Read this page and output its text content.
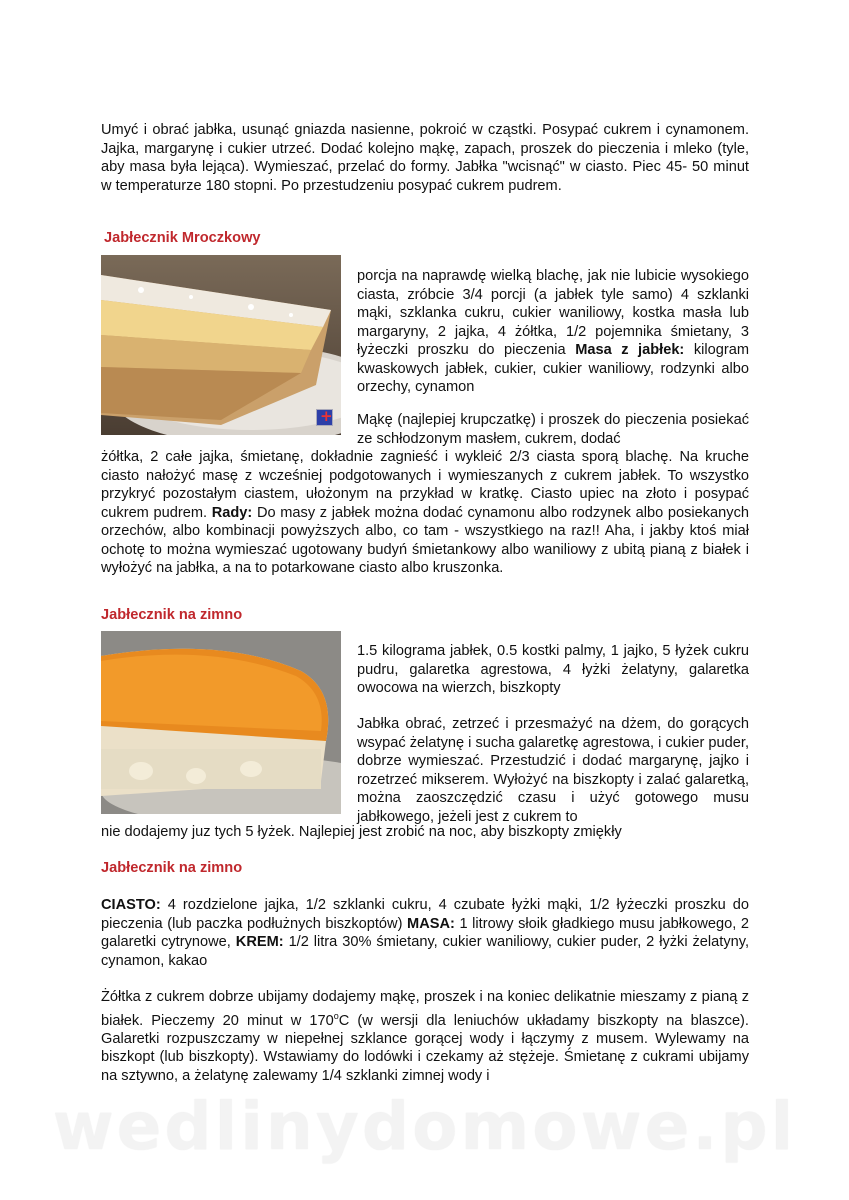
Umyć i obrać jabłka, usunąć gniazda nasienne, pokroić w cząstki. Posypać cukrem i cynamonem. Jajka, margarynę i cukier utrzeć. Dodać kolejno mąkę, zapach, proszek do pieczenia i mleko (tyle, aby masa była lejąca). Wymieszać, przelać do formy. Jabłka "wcisnąć" w ciasto. Piec 45- 50 minut w temperaturze 180 stopni. Po przestudzeniu posypać cukrem pudrem.

Jabłecznik Mroczkowy
+

porcja na naprawdę wielką blachę, jak nie lubicie wysokiego ciasta, zróbcie 3/4 porcji (a jabłek tyle samo) 4 szklanki mąki, szklanka cukru, cukier waniliowy, kostka masła lub margaryny, 2 jajka, 4 żółtka, 1/2 pojemnika śmietany, 3 łyżeczki proszku do pieczenia Masa z jabłek: kilogram kwaskowych jabłek, cukier, cukier waniliowy, rodzynki albo orzechy, cynamon

Mąkę (najlepiej krupczatkę) i proszek do pieczenia posiekać ze schłodzonym masłem, cukrem, dodać

żółtka, 2 całe jajka, śmietanę, dokładnie zagnieść i wykleić 2/3 ciasta sporą blachę. Na kruche ciasto nałożyć masę z wcześniej podgotowanych i wymieszanych z cukrem jabłek. To wszystko przykryć pozostałym ciastem, ułożonym na przykład w kratkę. Ciasto upiec na złoto i posypać cukrem pudrem. Rady: Do masy z jabłek można dodać cynamonu albo rodzynek albo posiekanych orzechów, albo kombinacji powyższych albo, co tam - wszystkiego na raz!! Aha, i jakby ktoś miał ochotę to można wymieszać ugotowany budyń śmietankowy albo waniliowy z ubitą pianą z białek i wyłożyć na jabłka, a na to potarkowane ciasto albo kruszonka.

Jabłecznik na zimno

1.5 kilograma jabłek, 0.5 kostki palmy, 1 jajko, 5 łyżek cukru pudru, galaretka agrestowa, 4 łyżki żelatyny, galaretka owocowa na wierzch, biszkopty

Jabłka obrać, zetrzeć i przesmażyć na dżem, do gorących wsypać żelatynę i sucha galaretkę agrestowa, i cukier puder, dobrze wymieszać. Przestudzić i dodać margarynę, jajko i rozetrzeć mikserem. Wyłożyć na biszkopty i zalać galaretką, można zaoszczędzić czasu i użyć gotowego musu jabłkowego, jeżeli jest z cukrem to

nie dodajemy juz tych 5 łyżek. Najlepiej jest zrobić na noc, aby biszkopty zmiękły

Jabłecznik na zimno

CIASTO: 4 rozdzielone jajka, 1/2 szklanki cukru, 4 czubate łyżki mąki, 1/2 łyżeczki proszku do pieczenia (lub paczka podłużnych biszkoptów) MASA: 1 litrowy słoik gładkiego musu jabłkowego, 2 galaretki cytrynowe, KREM: 1/2 litra 30% śmietany, cukier waniliowy, cukier puder, 2 łyżki żelatyny, cynamon, kakao

Żółtka z cukrem dobrze ubijamy dodajemy mąkę, proszek i na koniec delikatnie mieszamy z pianą z białek. Pieczemy 20 minut w 170$^o$C (w wersji dla leniuchów układamy biszkopty na blaszce). Galaretki rozpuszczamy w niepełnej szklance gorącej wody i łączymy z musem. Wylewamy na biszkopt (lub biszkopty). Wstawiamy do lodówki i czekamy aż stężeje. Śmietanę z cukrami ubijamy na sztywno, a żelatynę zalewamy 1/4 szklanki zimnej wody i

wedlinydomowe.pl
